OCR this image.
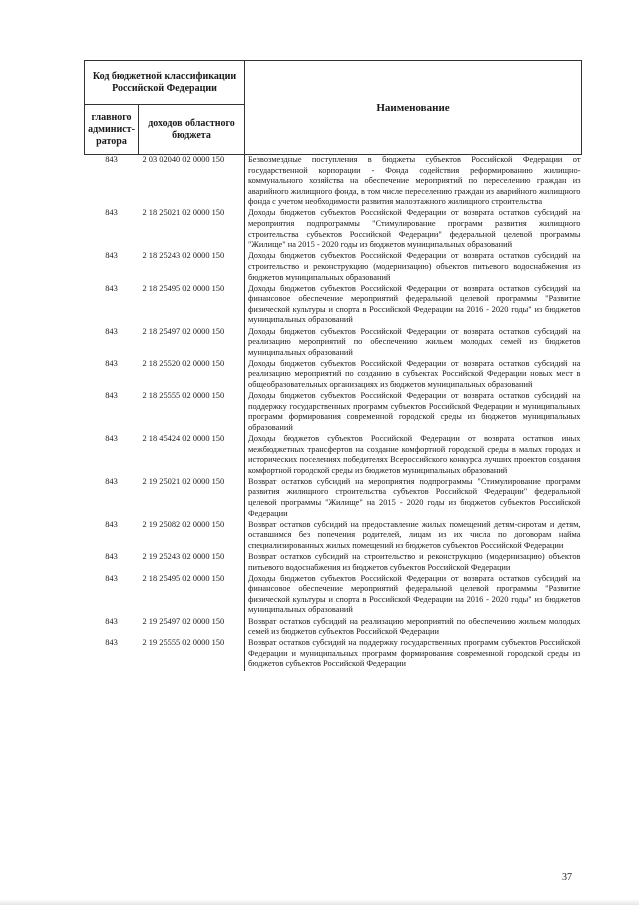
Код бюджетной классификации Российской Федерации		Наименование
главного админист-ратора	доходов областного бюджета	
843	2 03 02040 02 0000 150	Безвозмездные поступления в бюджеты субъектов Российской Федерации от государственной корпорации - Фонда содействия реформированию жилищно-коммунального хозяйства на обеспечение мероприятий по переселению граждан из аварийного жилищного фонда, в том числе переселению граждан из аварийного жилищного фонда с учетом необходимости развития малоэтажного жилищного строительства
843	2 18 25021 02 0000 150	Доходы бюджетов субъектов Российской Федерации от возврата остатков субсидий на мероприятия подпрограммы "Стимулирование программ развития жилищного строительства субъектов Российской Федерации" федеральной целевой программы "Жилище" на 2015 - 2020 годы из бюджетов муниципальных образований
843	2 18 25243 02 0000 150	Доходы бюджетов субъектов Российской Федерации от возврата остатков субсидий на строительство и реконструкцию (модернизацию) объектов питьевого водоснабжения из бюджетов муниципальных образований
843	2 18 25495 02 0000 150	Доходы бюджетов субъектов Российской Федерации от возврата остатков субсидий на финансовое обеспечение мероприятий федеральной целевой программы "Развитие физической культуры и спорта в Российской Федерации на 2016 - 2020 годы" из бюджетов муниципальных образований
843	2 18 25497 02 0000 150	Доходы бюджетов субъектов Российской Федерации от возврата остатков субсидий на реализацию мероприятий по обеспечению жильем молодых семей из бюджетов муниципальных образований
843	2 18 25520 02 0000 150	Доходы бюджетов субъектов Российской Федерации от возврата остатков субсидий на реализацию мероприятий по созданию в субъектах Российской Федерации новых мест в общеобразовательных организациях из бюджетов муниципальных образований
843	2 18 25555 02 0000 150	Доходы бюджетов субъектов Российской Федерации от возврата остатков субсидий на поддержку государственных программ субъектов Российской Федерации и муниципальных программ формирования современной городской среды из бюджетов муниципальных образований
843	2 18 45424 02 0000 150	Доходы бюджетов субъектов Российской Федерации от возврата остатков иных межбюджетных трансфертов на создание комфортной городской среды в малых городах и исторических поселениях победителях Всероссийского конкурса лучших проектов создания комфортной городской среды из бюджетов муниципальных образований
843	2 19 25021 02 0000 150	Возврат остатков субсидий на мероприятия подпрограммы "Стимулирование программ развития жилищного строительства субъектов Российской Федерации" федеральной целевой программы "Жилище" на 2015 - 2020 годы из бюджетов субъектов Российской Федерации
843	2 19 25082 02 0000 150	Возврат остатков субсидий на предоставление жилых помещений детям-сиротам и детям, оставшимся без попечения родителей, лицам из их числа по договорам найма специализированных жилых помещений из бюджетов субъектов Российской Федерации
843	2 19 25243 02 0000 150	Возврат остатков субсидий на строительство и реконструкцию (модернизацию) объектов питьевого водоснабжения из бюджетов субъектов Российской Федерации
843	2 18 25495 02 0000 150	Доходы бюджетов субъектов Российской Федерации от возврата остатков субсидий на финансовое обеспечение мероприятий федеральной целевой программы "Развитие физической культуры и спорта в Российской Федерации на 2016 - 2020 годы" из бюджетов муниципальных образований
843	2 19 25497 02 0000 150	Возврат остатков субсидий на реализацию мероприятий по обеспечению жильем молодых семей из бюджетов субъектов Российской Федерации
843	2 19 25555 02 0000 150	Возврат остатков субсидий на поддержку государственных программ субъектов Российской Федерации и муниципальных программ формирования современной городской среды из бюджетов субъектов Российской Федерации
37
